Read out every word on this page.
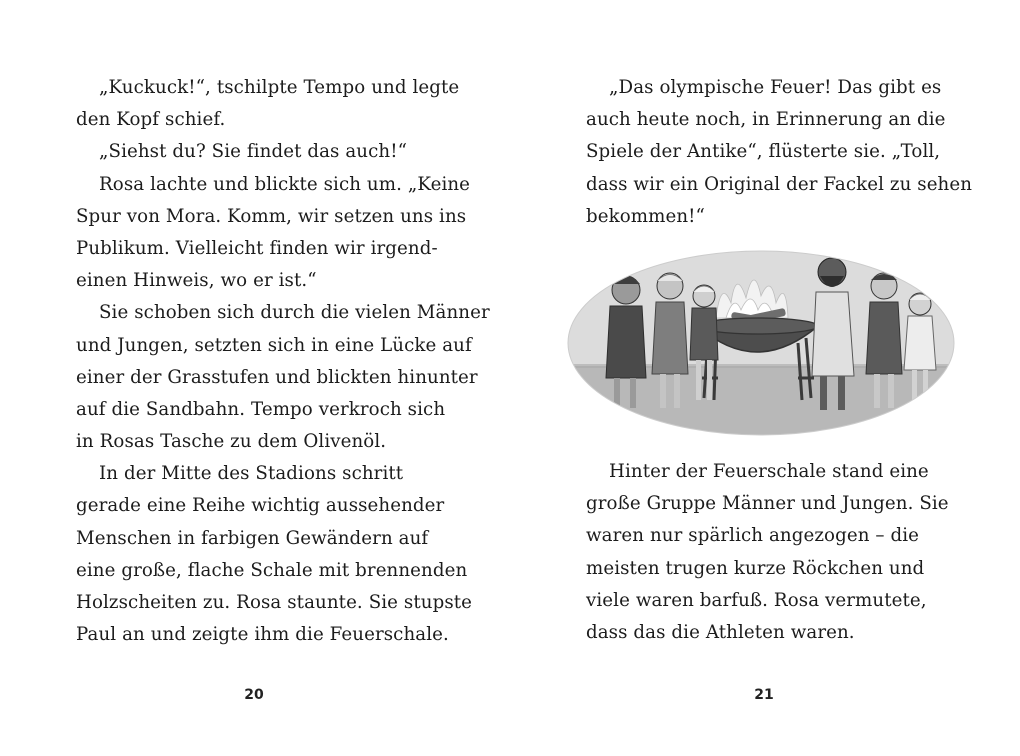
„Kuckuck!“, tschilpte Tempo und legte
den Kopf schief.
„Siehst du? Sie findet das auch!“
Rosa lachte und blickte sich um. „Keine
Spur von Mora. Komm, wir setzen uns ins
Publikum. Vielleicht finden wir irgend-
einen Hinweis, wo er ist.“
Sie schoben sich durch die vielen Männer
und Jungen, setzten sich in eine Lücke auf
einer der Grasstufen und blickten hinunter
auf die Sandbahn. Tempo verkroch sich
in Rosas Tasche zu dem Olivenöl.
In der Mitte des Stadions schritt
gerade eine Reihe wichtig aussehender
Menschen in farbigen Gewändern auf
eine große, flache Schale mit brennenden
Holzscheiten zu. Rosa staunte. Sie stupste
Paul an und zeigte ihm die Feuerschale.
20
„Das olympische Feuer! Das gibt es
auch heute noch, in Erinnerung an die
Spiele der Antike“, flüsterte sie. „Toll,
dass wir ein Original der Fackel zu sehen
bekommen!“
Hinter der Feuerschale stand eine
große Gruppe Männer und Jungen. Sie
waren nur spärlich angezogen – die
meisten trugen kurze Röckchen und
viele waren barfuß. Rosa vermutete,
dass das die Athleten waren.
21
